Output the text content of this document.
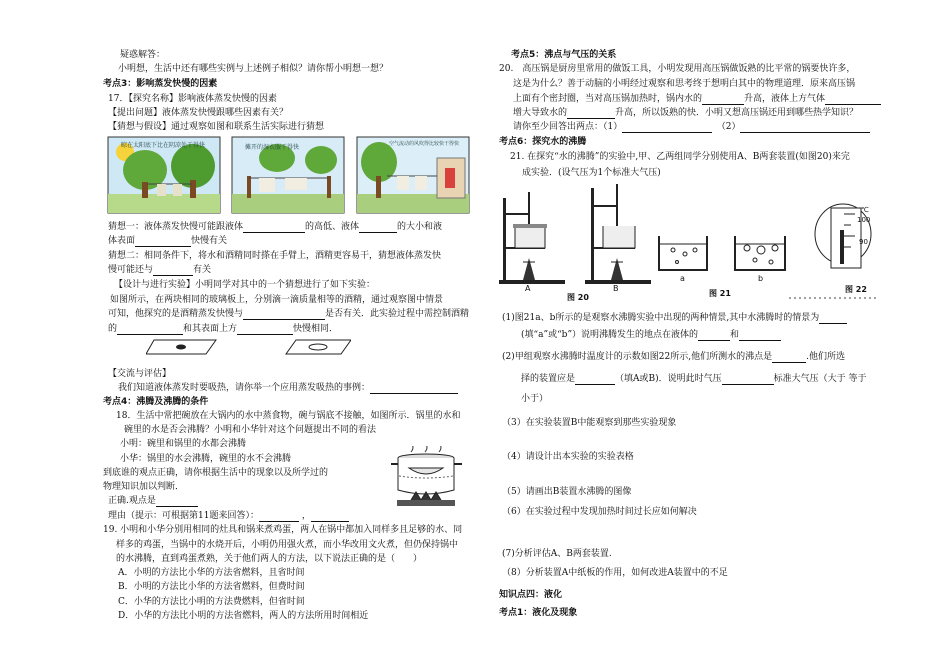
疑惑解答：
小明想，生活中还有哪些实例与上述例子相似？请你帮小明想一想？
考点3：影响蒸发快慢的因素
17．【探究名称】影响液体蒸发快慢的因素
【提出问题】液体蒸发快慢跟哪些因素有关？
【猜想与假设】通过观察如图和联系生活实际进行猜想
晾在太阳底下比在阴凉处干得快	摊开的湿衣服干得快	空气流动的风吹得比较快干得快
猜想一：液体蒸发快慢可能跟液体	的高低、液体	的大小和液
体表面	快慢有关
猜想二：相同条件下，将水和酒精同时搽在手臂上，酒精更容易干，猜想液体蒸发快
慢可能还与	有关
【设计与进行实验】小明同学对其中的一个猜想进行了如下实验：
如图所示，在两块相同的玻璃板上，分别滴一滴质量相等的酒精，通过观察图中情景
可知，他探究的是酒精蒸发快慢与	是否有关．此实验过程中需控制酒精
的	和其表面上方	快慢相同．
【交流与评估】
我们知道液体蒸发时要吸热，请你举一个应用蒸发吸热的事例：
考点4：沸腾及沸腾的条件
18．生活中常把碗放在大锅内的水中蒸食物，碗与锅底不接触，如图所示．锅里的水和
碗里的水是否会沸腾？小明和小华针对这个问题提出不同的看法
小明：碗里和锅里的水都会沸腾
小华：锅里的水会沸腾，碗里的水不会沸腾
到底谁的观点正确，请你根据生活中的现象以及所学过的
物理知识加以判断．
正确.观点是
理由（提示：可根据第11题来回答）：	，
19. 小明和小华分别用相同的灶具和锅来煮鸡蛋，两人在锅中都加入同样多且足够的水、同
样多的鸡蛋，当锅中的水烧开后，小明仍用强火煮，而小华改用文火煮，但仍保持锅中
的水沸腾，直到鸡蛋煮熟，关于他们两人的方法，以下说法正确的是（　　）
A．小明的方法比小华的方法省燃料，且省时间
B．小明的方法比小华的方法省燃料，但费时间
C．小华的方法比小明的方法费燃料，但省时间
D．小华的方法比小明的方法省燃料，两人的方法所用时间相近
考点5：沸点与气压的关系
20.　高压锅是厨房里常用的做饭工具，小明发现用高压锅做饭熟的比平常的锅要快许多，
这是为什么？善于动脑的小明经过观察和思考终于想明白其中的物理道理．原来高压锅
上面有个密封圈，当对高压锅加热时，锅内水的	升高，液体上方气体
增大导致水的	升高，所以饭熟的快．小明又想高压锅还用到哪些热学知识？
请你至少回答出两点：（1）　	（2）
考点6：探究水的沸腾
21. 在探究“水的沸腾”的实验中,甲、乙两组同学分别使用A、B两套装置(如图20)来完
成实验．(设气压为1个标准大气压)
A	B
图 20
a	b
图 21	图 22
℃
100
90
(1)图21a、b所示的是观察水沸腾实验中出现的两种情景,其中水沸腾时的情景为
(填“a”或“b”）说明沸腾发生的地点在液体的	和
(2)甲组观察水沸腾时温度计的示数如图22所示,他们所测水的沸点是	.他们所选
择的装置应是	（填A或B)．说明此时气压	标准大气压（大于 等于
小于）
（3）在实验装置B中能观察到那些实验现象
（4）请设计出本实验的实验表格
（5）请画出B装置水沸腾的图像
（6）在实验过程中发现加热时间过长应如何解决
(7)分析评估A、B两套装置.
（8）分析装置A中纸板的作用，如何改进A装置中的不足
知识点四：液化
考点1：液化及现象
